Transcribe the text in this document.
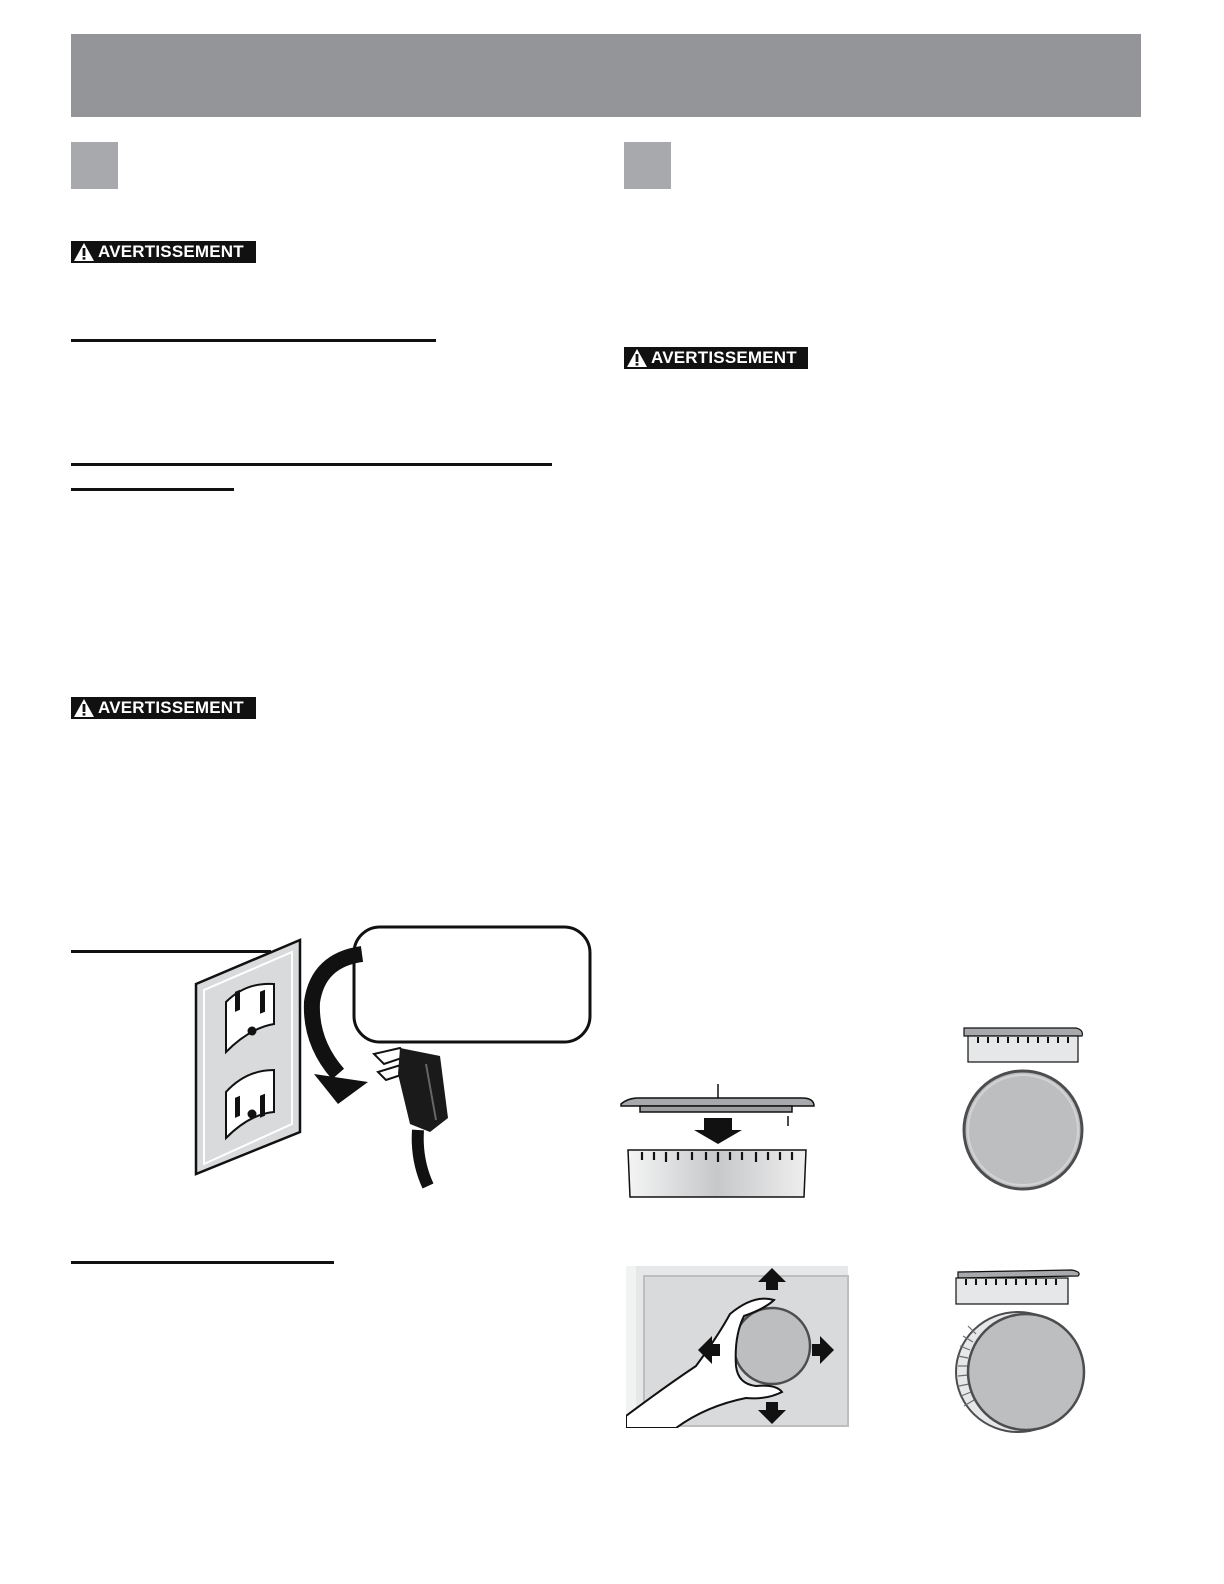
AVERTISSEMENT
AVERTISSEMENT
AVERTISSEMENT
